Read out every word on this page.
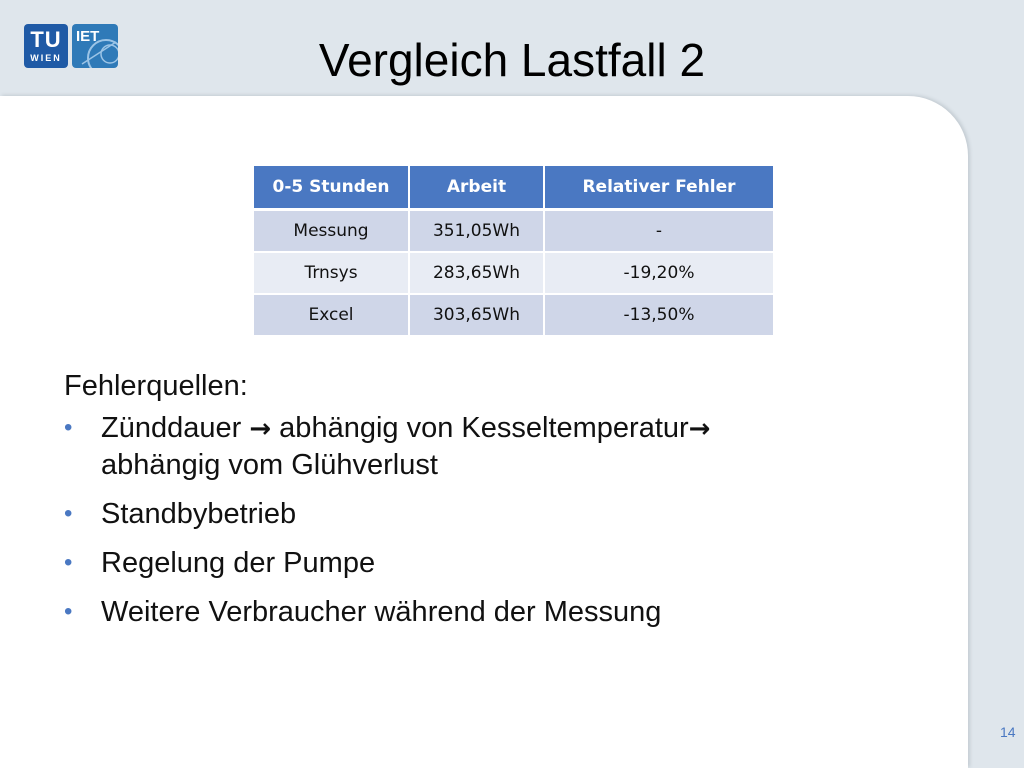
TU
WIEN
IET	Vergleich Lastfall 2
0-5 Stunden	Arbeit	Relativer Fehler
Messung	351,05Wh	-
Trnsys	283,65Wh	-19,20%
Excel	303,65Wh	-13,50%
Fehlerquellen:
• Zünddauer → abhängig von Kesseltemperatur→
abhängig vom Glühverlust
• Standbybetrieb
• Regelung der Pumpe
• Weitere Verbraucher während der Messung
14
